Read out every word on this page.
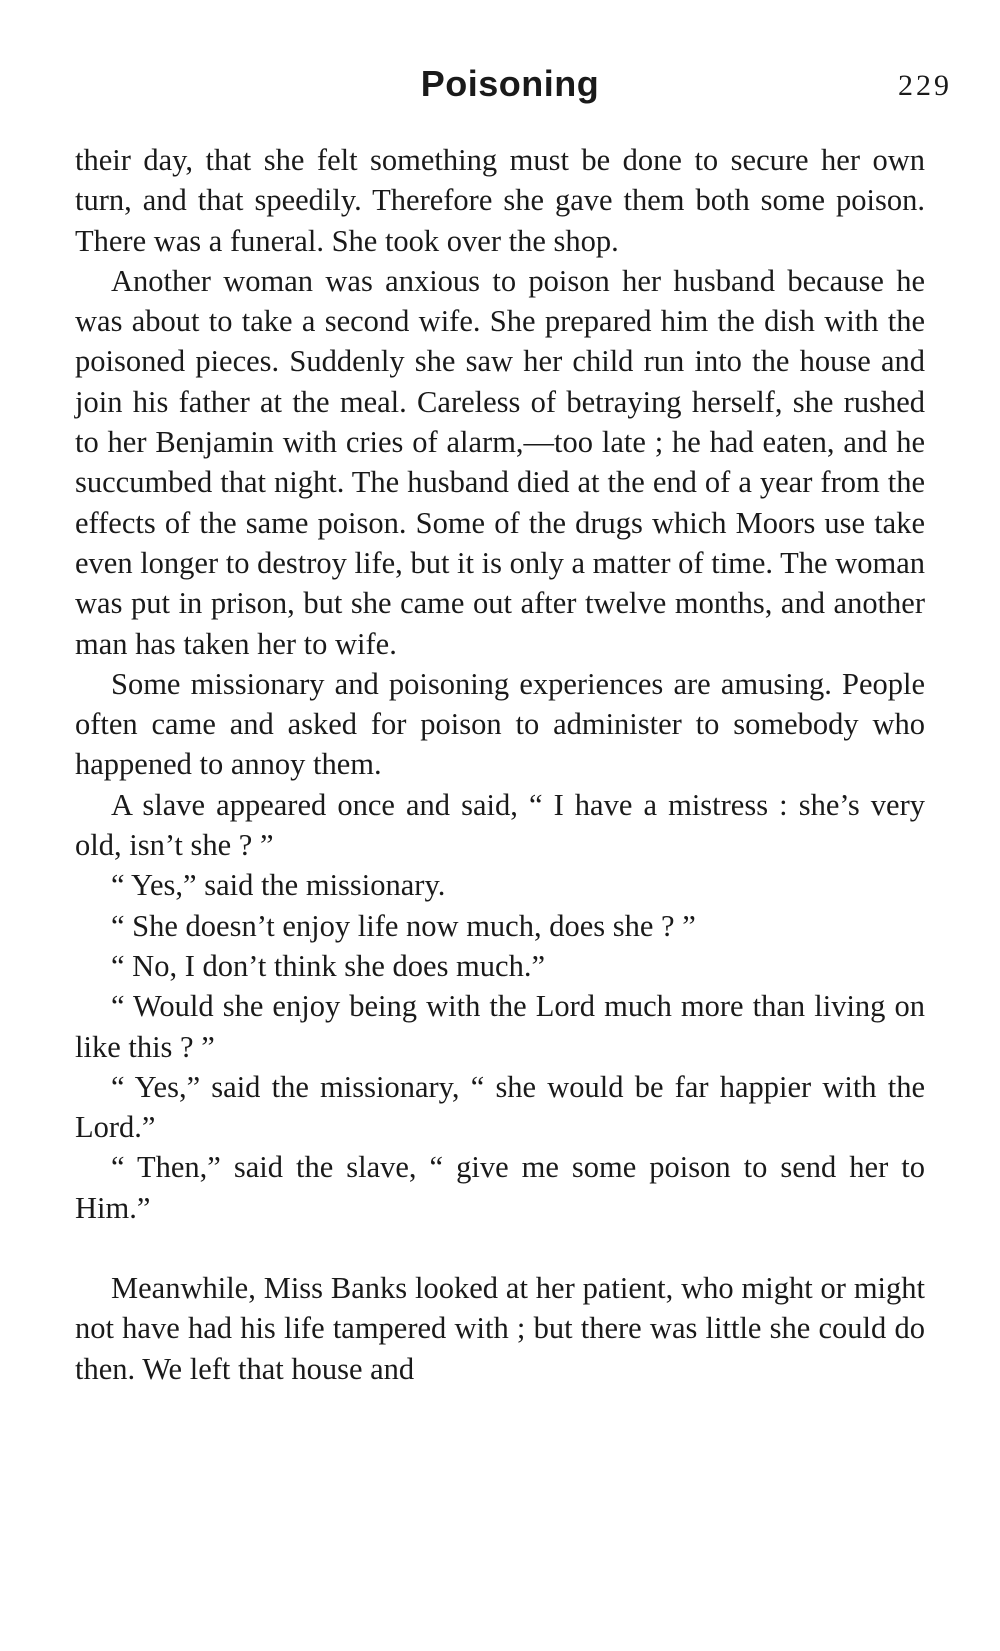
Poisoning	229

their day, that she felt something must be done to secure her own turn, and that speedily. Therefore she gave them both some poison. There was a funeral. She took over the shop.

Another woman was anxious to poison her husband because he was about to take a second wife. She prepared him the dish with the poisoned pieces. Suddenly she saw her child run into the house and join his father at the meal. Careless of betraying herself, she rushed to her Benjamin with cries of alarm,—too late ; he had eaten, and he succumbed that night. The husband died at the end of a year from the effects of the same poison. Some of the drugs which Moors use take even longer to destroy life, but it is only a matter of time. The woman was put in prison, but she came out after twelve months, and another man has taken her to wife.

Some missionary and poisoning experiences are amusing. People often came and asked for poison to administer to somebody who happened to annoy them.

A slave appeared once and said, “ I have a mistress : she’s very old, isn’t she ? ”

“ Yes,” said the missionary.

“ She doesn’t enjoy life now much, does she ? ”

“ No, I don’t think she does much.”

“ Would she enjoy being with the Lord much more than living on like this ? ”

“ Yes,” said the missionary, “ she would be far happier with the Lord.”

“ Then,” said the slave, “ give me some poison to send her to Him.”

Meanwhile, Miss Banks looked at her patient, who might or might not have had his life tampered with ; but there was little she could do then. We left that house and
